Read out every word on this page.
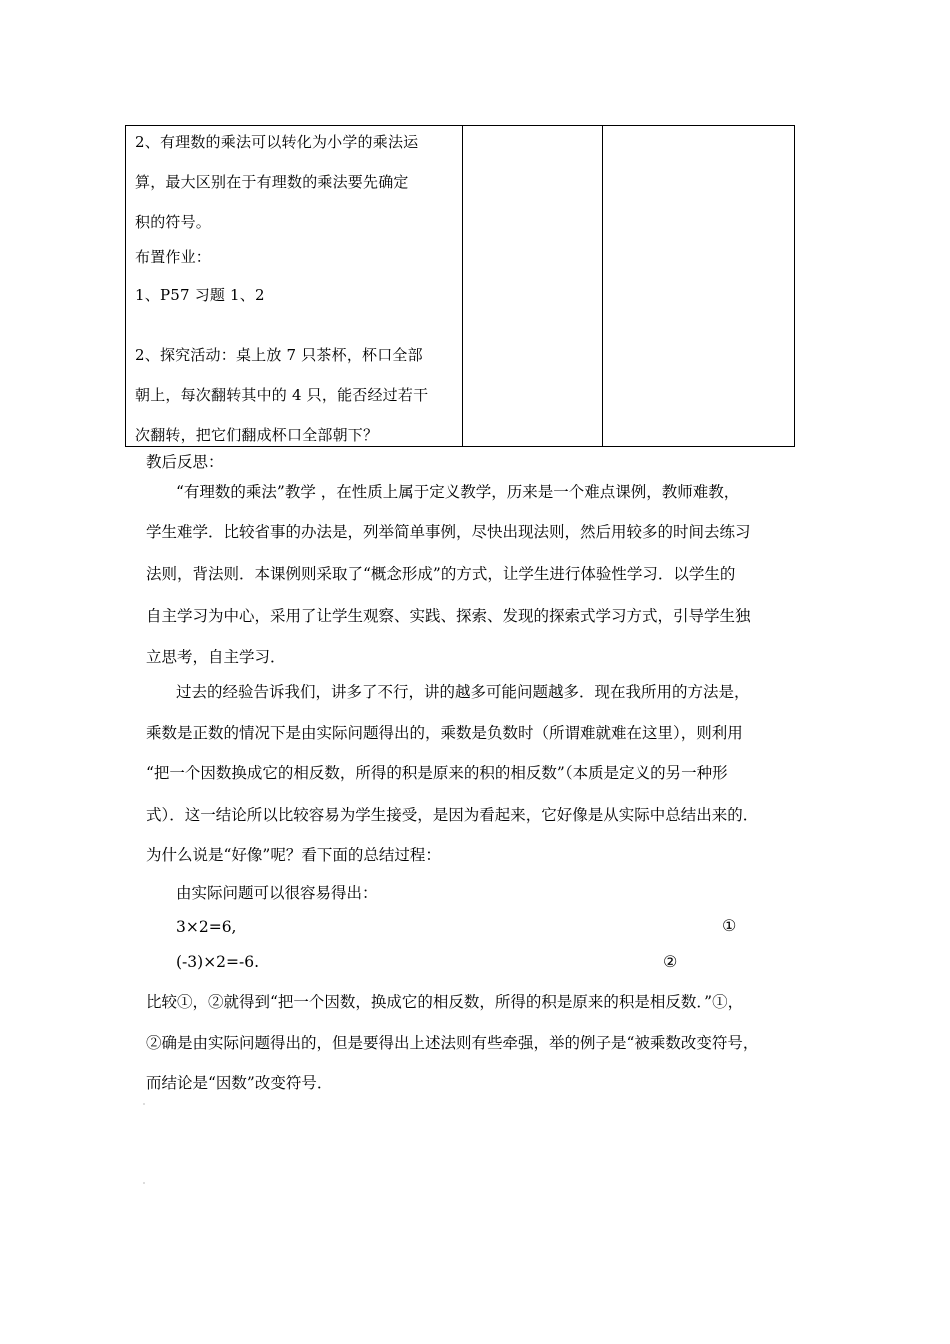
2、有理数的乘法可以转化为小学的乘法运
算，最大区别在于有理数的乘法要先确定
积的符号。
布置作业：
1、P57 习题 1、2
2、探究活动：桌上放 7 只茶杯，杯口全部
朝上，每次翻转其中的 4 只，能否经过若干
次翻转，把它们翻成杯口全部朝下？
教后反思：
“有理数的乘法”教学 ，在性质上属于定义教学，历来是一个难点课例，教师难教，
学生难学．比较省事的办法是，列举简单事例，尽快出现法则，然后用较多的时间去练习
法则，背法则．本课例则采取了“概念形成”的方式，让学生进行体验性学习．以学生的
自主学习为中心，采用了让学生观察、实践、探索、发现的探索式学习方式，引导学生独
立思考，自主学习．
过去的经验告诉我们，讲多了不行，讲的越多可能问题越多．现在我所用的方法是，
乘数是正数的情况下是由实际问题得出的，乘数是负数时（所谓难就难在这里），则利用
“把一个因数换成它的相反数，所得的积是原来的积的相反数”（本质是定义的另一种形
式）．这一结论所以比较容易为学生接受，是因为看起来，它好像是从实际中总结出来的．
为什么说是“好像”呢？看下面的总结过程：
由实际问题可以很容易得出：
3×2=6,	①
(-3)×2=-6.	②
比较①，②就得到“把一个因数，换成它的相反数，所得的积是原来的积是相反数．”①，
②确是由实际问题得出的，但是要得出上述法则有些牵强，举的例子是“被乘数改变符号，
而结论是“因数”改变符号．
